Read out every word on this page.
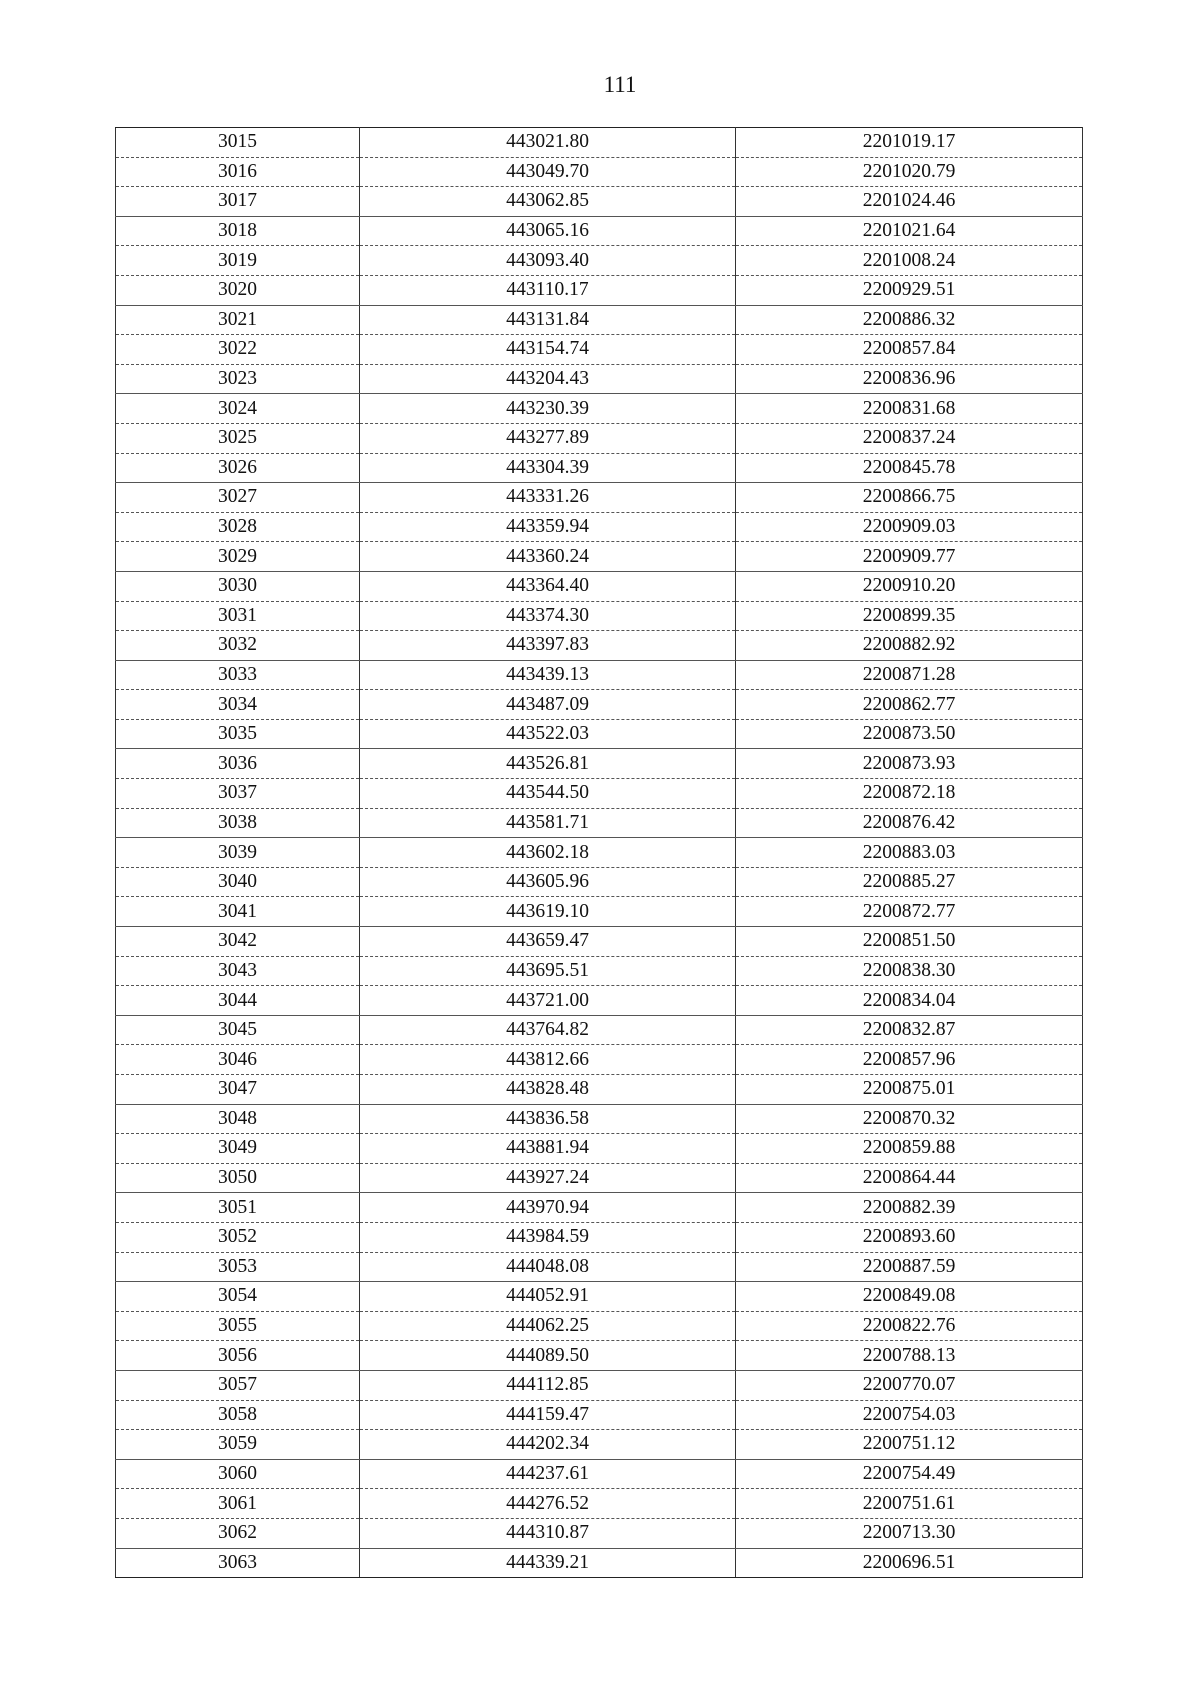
111
3015	443021.80	2201019.17
3016	443049.70	2201020.79
3017	443062.85	2201024.46
3018	443065.16	2201021.64
3019	443093.40	2201008.24
3020	443110.17	2200929.51
3021	443131.84	2200886.32
3022	443154.74	2200857.84
3023	443204.43	2200836.96
3024	443230.39	2200831.68
3025	443277.89	2200837.24
3026	443304.39	2200845.78
3027	443331.26	2200866.75
3028	443359.94	2200909.03
3029	443360.24	2200909.77
3030	443364.40	2200910.20
3031	443374.30	2200899.35
3032	443397.83	2200882.92
3033	443439.13	2200871.28
3034	443487.09	2200862.77
3035	443522.03	2200873.50
3036	443526.81	2200873.93
3037	443544.50	2200872.18
3038	443581.71	2200876.42
3039	443602.18	2200883.03
3040	443605.96	2200885.27
3041	443619.10	2200872.77
3042	443659.47	2200851.50
3043	443695.51	2200838.30
3044	443721.00	2200834.04
3045	443764.82	2200832.87
3046	443812.66	2200857.96
3047	443828.48	2200875.01
3048	443836.58	2200870.32
3049	443881.94	2200859.88
3050	443927.24	2200864.44
3051	443970.94	2200882.39
3052	443984.59	2200893.60
3053	444048.08	2200887.59
3054	444052.91	2200849.08
3055	444062.25	2200822.76
3056	444089.50	2200788.13
3057	444112.85	2200770.07
3058	444159.47	2200754.03
3059	444202.34	2200751.12
3060	444237.61	2200754.49
3061	444276.52	2200751.61
3062	444310.87	2200713.30
3063	444339.21	2200696.51
